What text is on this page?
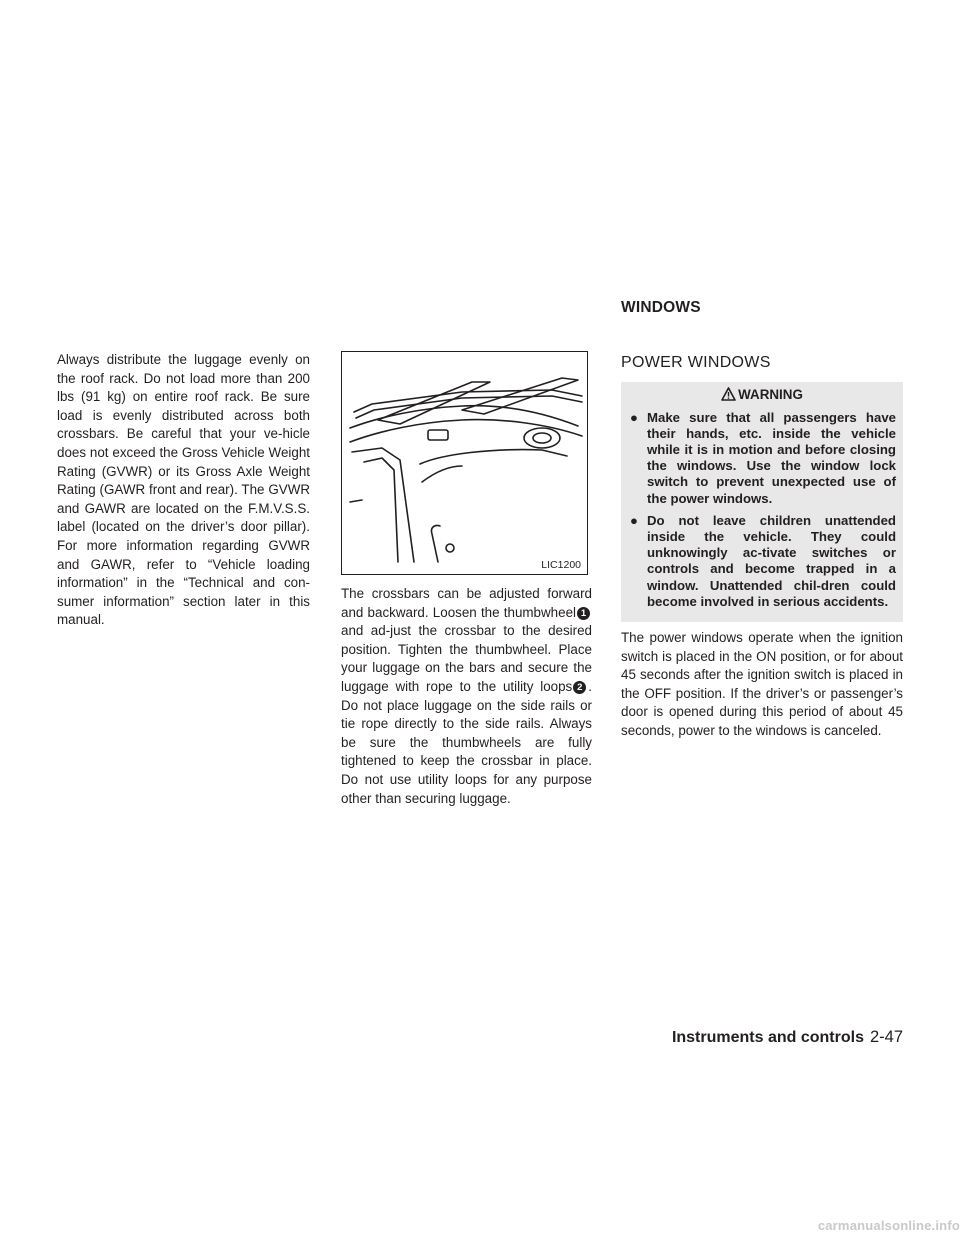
WINDOWS

Always distribute the luggage evenly on the roof rack. Do not load more than 200 lbs (91 kg) on entire roof rack. Be sure load is evenly distributed across both crossbars. Be careful that your ve-hicle does not exceed the Gross Vehicle Weight Rating (GVWR) or its Gross Axle Weight Rating (GAWR front and rear). The GVWR and GAWR are located on the F.M.V.S.S. label (located on the driver’s door pillar). For more information regarding GVWR and GAWR, refer to “Vehicle loading information” in the “Technical and con-sumer information” section later in this manual.

LIC1200

The crossbars can be adjusted forward and backward. Loosen the thumbwheel 1and ad-just the crossbar to the desired position. Tighten the thumbwheel. Place your luggage on the bars and secure the luggage with rope to the utility loops 2 . Do not place luggage on the side rails or tie rope directly to the side rails. Always be sure the thumbwheels are fully tightened to keep the crossbar in place. Do not use utility loops for any purpose other than securing luggage.

POWER WINDOWS
WARNING
● Make sure that all passengers have their hands, etc. inside the vehicle while it is in motion and before closing the windows. Use the window lock switch to prevent unexpected use of the power windows.
● Do not leave children unattended inside the vehicle. They could unknowingly ac-tivate switches or controls and become trapped in a window. Unattended chil-dren could become involved in serious accidents.

The power windows operate when the ignition switch is placed in the ON position, or for about 45 seconds after the ignition switch is placed in the OFF position. If the driver’s or passenger’s door is opened during this period of about 45 seconds, power to the windows is canceled.

Instruments and controls 2-47
carmanualsonline.info
